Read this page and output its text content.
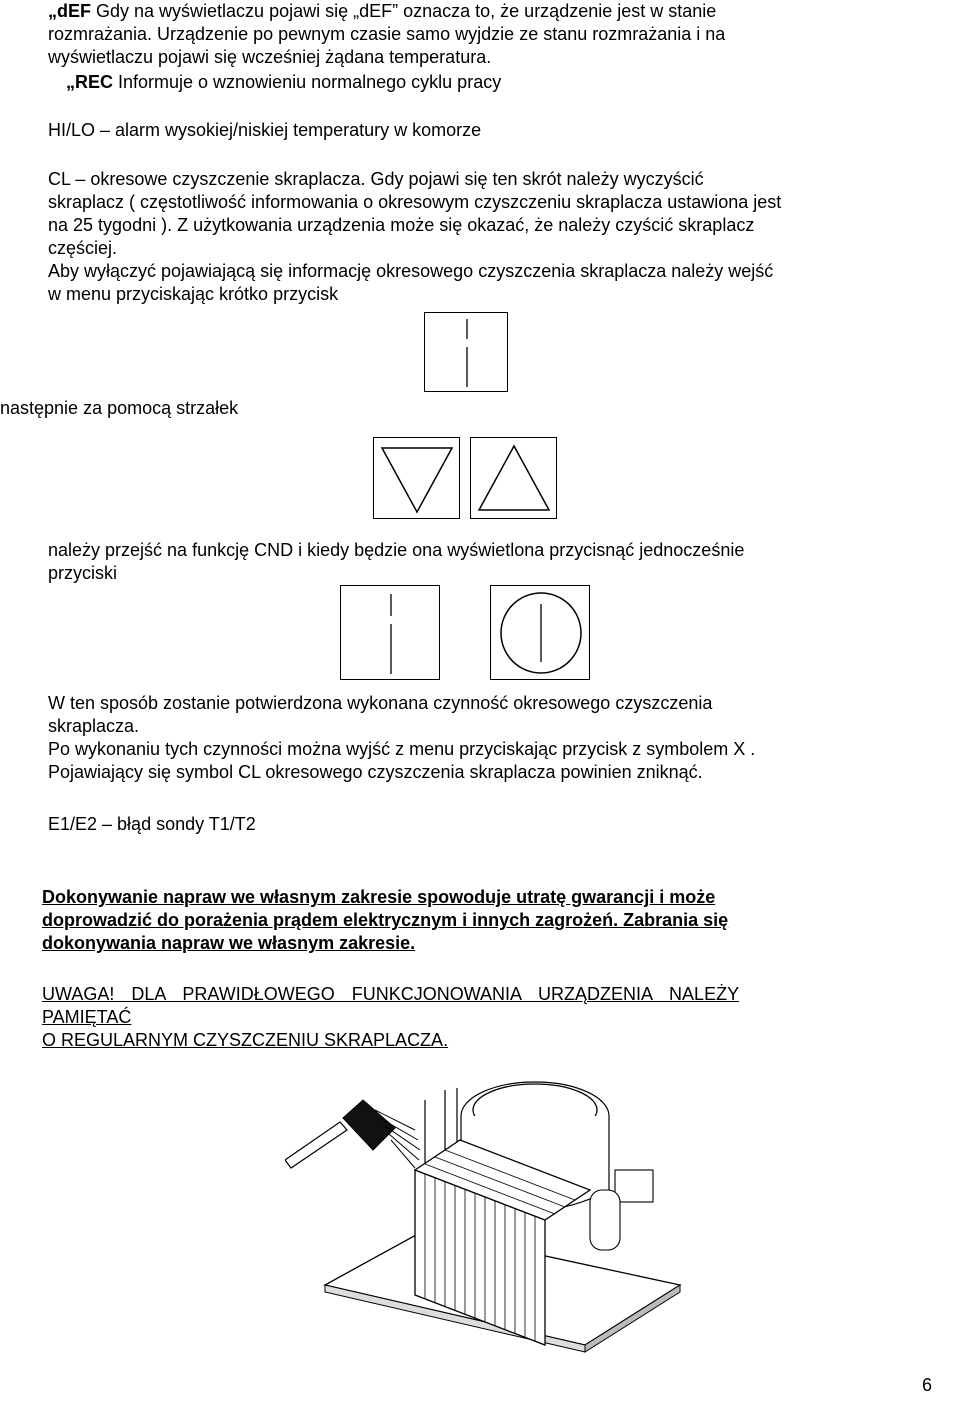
„dEF Gdy na wyświetlaczu pojawi się „dEF” oznacza to, że urządzenie jest w stanie
rozmrażania. Urządzenie po pewnym czasie samo wyjdzie ze stanu rozmrażania i na
wyświetlaczu pojawi się wcześniej żądana temperatura.
„REC Informuje o wznowieniu normalnego cyklu pracy
HI/LO – alarm wysokiej/niskiej temperatury w komorze
CL – okresowe czyszczenie skraplacza. Gdy pojawi się ten skrót należy wyczyścić
skraplacz ( częstotliwość informowania o okresowym czyszczeniu skraplacza ustawiona jest
na 25 tygodni ). Z użytkowania urządzenia może się okazać, że należy czyścić skraplacz
częściej.
Aby wyłączyć pojawiającą się informację okresowego czyszczenia skraplacza należy wejść
w menu przyciskając krótko przycisk
następnie za pomocą strzałek
należy przejść na funkcję CND i kiedy będzie ona wyświetlona przycisnąć jednocześnie
przyciski
W ten sposób zostanie potwierdzona wykonana czynność okresowego czyszczenia
skraplacza.
Po wykonaniu tych czynności można wyjść z menu przyciskając przycisk z symbolem X .
Pojawiający się symbol CL okresowego czyszczenia skraplacza powinien zniknąć.
E1/E2 – błąd sondy T1/T2
Dokonywanie napraw we własnym zakresie spowoduje utratę gwarancji i może
doprowadzić do porażenia prądem elektrycznym i innych zagrożeń. Zabrania się
dokonywania napraw we własnym zakresie.
UWAGA! DLA PRAWIDŁOWEGO FUNKCJONOWANIA URZĄDZENIA NALEŻY
PAMIĘTAĆ
O REGULARNYM CZYSZCZENIU SKRAPLACZA.
6
